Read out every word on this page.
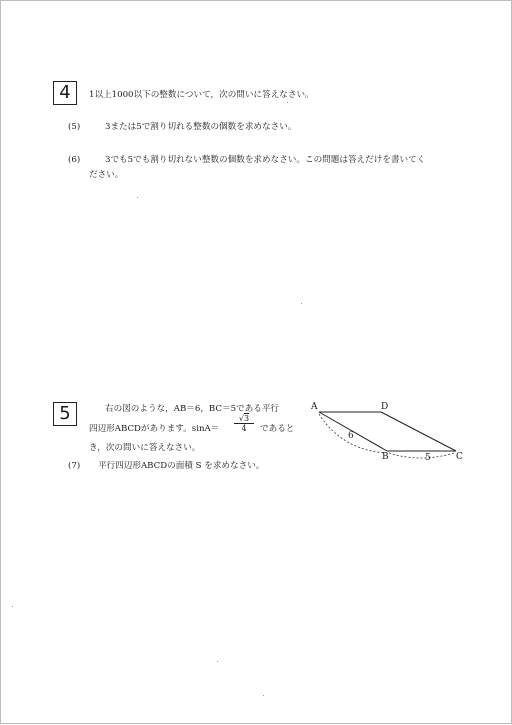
4	1以上1000以下の整数について，次の問いに答えなさい。
(5)	3または5で割り切れる整数の個数を求めなさい。
(6)	3でも5でも割り切れない整数の個数を求めなさい。この問題は答えだけを書いてく
ださい。
5	右の図のような，AB＝6，BC＝5である平行
四辺形ABCDがあります。$\sin A= \frac{√3}{4}$ であると
き，次の問いに答えなさい。
(7) 平行四辺形ABCDの面積 S を求めなさい。
A	D
B	C
6
5
